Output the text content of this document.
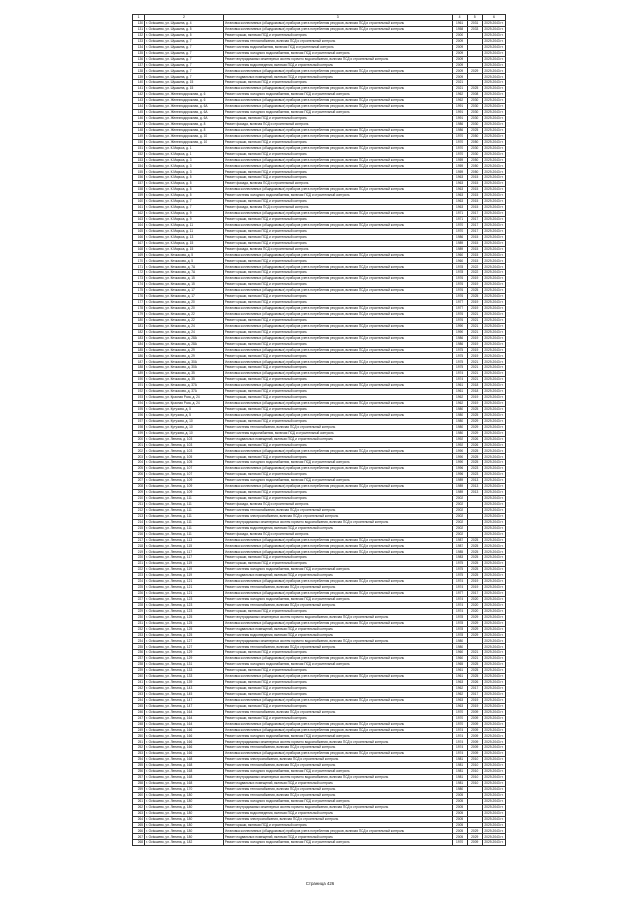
1	2	3	4	5	6
130	г. Octышево, ул. Шушкина, д. 4	Установка коллективных (общедомовых) приборов учета потребления ресурсов, включая ПСД и строительный контроль	1961	2031	2029-2043 гг.
131	г. Octышево, ул. Шушкина, д. 5	Установка коллективных (общедомовых) приборов учета потребления ресурсов, включая ПСД и строительный контроль	1958	2033	2029-2043 гг.
132	г. Octышево, ул. Шушкина, д. 5	Ремонт крыши, включая ПСД и строительный контроль	2000		2029-2043 гг.
133	г. Octышево, ул. Шушкина, д. 7	Ремонт системы теплоснабжения, включая ПСД и строительный контроль	2009		2029-2043 гг.
134	г. Octышево, ул. Шушкина, д. 7	Ремонт системы водоснабжения, включая ПСД и строительный контроль	2009		2029-2043 гг.
135	г. Octышево, ул. Шушкина, д. 7	Ремонт системы холодного водоснабжения, включая ПСД и строительный контроль	2009		2029-2043 гг.
136	г. Octышево, ул. Шушкина, д. 7	Ремонт внутридомовых инженерных систем горячего водоснабжения, включая ПСД и строительный контроль	2009		2029-2043 гг.
137	г. Octышево, ул. Шушкина, д. 7	Ремонт системы водоотведения, включая ПСД и строительный контроль	2009		2029-2043 гг.
138	г. Octышево, ул. Шушкина, д. 7	Установка коллективных (общедомовых) приборов учета потребления ресурсов, включая ПСД и строительный контроль	2009	2029	2029-2043 гг.
139	г. Octышево, ул. Шушкина, д. 7	Ремонт подвальных помещений, включая ПСД и строительный контроль	2009		2029-2043 гг.
140	г. Octышево, ул. Шушкина, д. 15	Ремонт крыши, включая ПСД и строительный контроль	2021		2029-2043 гг.
141	г. Octышево, ул. Шушкина, д. 15	Установка коллективных (общедомовых) приборов учета потребления ресурсов, включая ПСД и строительный контроль	2021	2025	2029-2043 гг.
142	г. Octышево, ул. Железнодорожная, д. 6	Ремонт системы холодного водоснабжения, включая ПСД и строительный контроль	1962	2008	2029-2043 гг.
143	г. Octышево, ул. Железнодорожная, д. 6	Установка коллективных (общедомовых) приборов учета потребления ресурсов, включая ПСД и строительный контроль	1962	2030	2029-2043 гг.
144	г. Octышево, ул. Железнодорожная, д. 6А	Установка коллективных (общедомовых) приборов учета потребления ресурсов, включая ПСД и строительный контроль	1991	2030	2029-2043 гг.
145	г. Octышево, ул. Железнодорожная, д. 6А	Ремонт системы холодного водоснабжения, включая ПСД и строительный контроль	1991	2030	2029-2043 гг.
146	г. Octышево, ул. Железнодорожная, д. 6А	Ремонт крыши, включая ПСД и строительный контроль	1991	2030	2029-2043 гг.
147	г. Octышево, ул. Железнодорожная, д. 8	Ремонт фасада, включая ПСД и строительный контроль	1986	2030	2029-2043 гг.
148	г. Octышево, ул. Железнодорожная, д. 8	Установка коллективных (общедомовых) приборов учета потребления ресурсов, включая ПСД и строительный контроль	1986	2025	2029-2043 гг.
149	г. Octышево, ул. Железнодорожная, д. 10	Установка коллективных (общедомовых) приборов учета потребления ресурсов, включая ПСД и строительный контроль	1970	2050	2029-2043 гг.
150	г. Octышево, ул. Железнодорожная, д. 10	Ремонт крыши, включая ПСД и строительный контроль	1970	2050	2029-2043 гг.
151	г. Octышево, ул. К.Маркса, д. 1	Установка коллективных (общедомовых) приборов учета потребления ресурсов, включая ПСД и строительный контроль	1970	2030	2029-2043 гг.
152	г. Octышево, ул. К.Маркса, д. 1	Ремонт крыши, включая ПСД и строительный контроль	1970	2030	2029-2043 гг.
153	г. Octышево, ул. К.Маркса, д. 3	Установка коллективных (общедомовых) приборов учета потребления ресурсов, включая ПСД и строительный контроль	1959	2050	2029-2043 гг.
154	г. Octышево, ул. К.Маркса, д. 3	Установка коллективных (общедомовых) приборов учета потребления ресурсов, включая ПСД и строительный контроль	1959	2050	2029-2043 гг.
155	г. Octышево, ул. К.Маркса, д. 3	Ремонт крыши, включая ПСД и строительный контроль	1959	2050	2029-2043 гг.
156	г. Octышево, ул. К.Маркса, д. 5	Ремонт крыши, включая ПСД и строительный контроль	1963	2015	2029-2043 гг.
157	г. Octышево, ул. К.Маркса, д. 5	Ремонт фасада, включая ПСД и строительный контроль	1963	2015	2029-2043 гг.
158	г. Octышево, ул. К.Маркса, д. 5	Установка коллективных (общедомовых) приборов учета потребления ресурсов, включая ПСД и строительный контроль	1963	2015	2029-2043 гг.
159	г. Octышево, ул. К.Маркса, д. 5	Ремонт системы холодного водоснабжения, включая ПСД и строительный контроль	1963	2015	2029-2043 гг.
160	г. Octышево, ул. К.Маркса, д. 7	Ремонт крыши, включая ПСД и строительный контроль	1963	2015	2029-2043 гг.
161	г. Octышево, ул. К.Маркса, д. 7	Ремонт фасада, включая ПСД и строительный контроль	1963	2015	2029-2043 гг.
162	г. Octышево, ул. К.Маркса, д. 9	Установка коллективных (общедомовых) приборов учета потребления ресурсов, включая ПСД и строительный контроль	1971	2017	2029-2043 гг.
163	г. Octышево, ул. К.Маркса, д. 9	Ремонт крыши, включая ПСД и строительный контроль	1971	2017	2029-2043 гг.
164	г. Octышево, ул. К.Маркса, д. 11	Установка коллективных (общедомовых) приборов учета потребления ресурсов, включая ПСД и строительный контроль	1970	2017	2029-2043 гг.
165	г. Octышево, ул. К.Маркса, д. 11	Ремонт крыши, включая ПСД и строительный контроль	1970	2017	2029-2043 гг.
166	г. Octышево, ул. К.Маркса, д. 13	Ремонт крыши, включая ПСД и строительный контроль	1986	2015	2029-2043 гг.
167	г. Octышево, ул. К.Маркса, д. 15	Ремонт крыши, включая ПСД и строительный контроль	1989	2015	2029-2043 гг.
168	г. Octышево, ул. К.Маркса, д. 15	Ремонт фасада, включая ПСД и строительный контроль	1989	2015	2029-2043 гг.
169	г. Octышево, ул. Кечкасова, д. 5	Установка коллективных (общедомовых) приборов учета потребления ресурсов, включая ПСД и строительный контроль	1960	2015	2029-2043 гг.
170	г. Octышево, ул. Кечкасова, д. 5	Ремонт крыши, включая ПСД и строительный контроль	1960	2015	2029-2043 гг.
171	г. Octышево, ул. Кечкасова, д. 7А	Установка коллективных (общедомовых) приборов учета потребления ресурсов, включая ПСД и строительный контроль	1978	2022	2029-2043 гг.
172	г. Octышево, ул. Кечкасова, д. 7А	Ремонт крыши, включая ПСД и строительный контроль	1978	2022	2029-2043 гг.
173	г. Octышево, ул. Кечкасова, д. 15	Установка коллективных (общедомовых) приборов учета потребления ресурсов, включая ПСД и строительный контроль	1976	2019	2029-2043 гг.
174	г. Octышево, ул. Кечкасова, д. 15	Ремонт крыши, включая ПСД и строительный контроль	1976	2019	2029-2043 гг.
175	г. Octышево, ул. Кечкасова, д. 17	Установка коллективных (общедомовых) приборов учета потребления ресурсов, включая ПСД и строительный контроль	1976	2025	2029-2043 гг.
176	г. Octышево, ул. Кечкасова, д. 17	Ремонт крыши, включая ПСД и строительный контроль	1976	2025	2029-2043 гг.
177	г. Octышево, ул. Кечкасова, д. 20	Ремонт крыши, включая ПСД и строительный контроль	1977	2019	2029-2043 гг.
178	г. Octышево, ул. Кечкасова, д. 20	Установка коллективных (общедомовых) приборов учета потребления ресурсов, включая ПСД и строительный контроль	1977	2019	2029-2043 гг.
179	г. Octышево, ул. Кечкасова, д. 22	Установка коллективных (общедомовых) приборов учета потребления ресурсов, включая ПСД и строительный контроль	1976	2021	2029-2043 гг.
180	г. Octышево, ул. Кечкасова, д. 22	Ремонт крыши, включая ПСД и строительный контроль	1976	2021	2029-2043 гг.
181	г. Octышево, ул. Кечкасова, д. 24	Установка коллективных (общедомовых) приборов учета потребления ресурсов, включая ПСД и строительный контроль	1990	2021	2029-2043 гг.
182	г. Octышево, ул. Кечкасова, д. 24	Ремонт крыши, включая ПСД и строительный контроль	1990	2021	2029-2043 гг.
183	г. Octышево, ул. Кечкасова, д. 28А	Установка коллективных (общедомовых) приборов учета потребления ресурсов, включая ПСД и строительный контроль	1986	2019	2029-2043 гг.
184	г. Octышево, ул. Кечкасова, д. 28А	Ремонт крыши, включая ПСД и строительный контроль	1986	2019	2029-2043 гг.
185	г. Octышево, ул. Кечкасова, д. 29	Установка коллективных (общедомовых) приборов учета потребления ресурсов, включая ПСД и строительный контроль	1975	2019	2029-2043 гг.
186	г. Octышево, ул. Кечкасова, д. 29	Ремонт крыши, включая ПСД и строительный контроль	1975	2019	2029-2043 гг.
187	г. Octышево, ул. Кечкасова, д. 30А	Установка коллективных (общедомовых) приборов учета потребления ресурсов, включая ПСД и строительный контроль	1975	2021	2029-2043 гг.
188	г. Octышево, ул. Кечкасова, д. 30А	Ремонт крыши, включая ПСД и строительный контроль	1975	2021	2029-2043 гг.
189	г. Octышево, ул. Кечкасова, д. 35	Установка коллективных (общедомовых) приборов учета потребления ресурсов, включая ПСД и строительный контроль	1974	2021	2029-2043 гг.
190	г. Octышево, ул. Кечкасова, д. 35	Ремонт крыши, включая ПСД и строительный контроль	1974	2021	2029-2043 гг.
191	г. Octышево, ул. Кечкасова, д. 37А	Установка коллективных (общедомовых) приборов учета потребления ресурсов, включая ПСД и строительный контроль	1961	2018	2029-2043 гг.
192	г. Octышево, ул. Кечкасова, д. 37А	Ремонт крыши, включая ПСД и строительный контроль	1961	2018	2029-2043 гг.
193	г. Octышево, ул. Красная Роза, д. 24	Ремонт крыши, включая ПСД и строительный контроль	1962	2019	2029-2043 гг.
194	г. Octышево, ул. Красная Роза, д. 24	Установка коллективных (общедомовых) приборов учета потребления ресурсов, включая ПСД и строительный контроль	1962	2019	2029-2043 гг.
195	г. Octышево, ул. Кутузова, д. 5	Ремонт крыши, включая ПСД и строительный контроль	1980	2025	2029-2043 гг.
196	г. Octышево, ул. Кутузова, д. 5	Установка коллективных (общедомовых) приборов учета потребления ресурсов, включая ПСД и строительный контроль	1980	2025	2029-2043 гг.
197	г. Octышево, ул. Кутузова, д. 10	Ремонт крыши, включая ПСД и строительный контроль	1980	2029	2029-2043 гг.
198	г. Octышево, ул. Кутузова, д. 10	Ремонт системы теплоснабжения, включая ПСД и строительный контроль	1980	2029	2029-2043 гг.
199	г. Octышево, ул. Кутузова, д. 10	Ремонт системы водоснабжения, включая ПСД и строительный контроль	1980	2029	2029-2043 гг.
200	г. Octышево, ул. Ленина, д. 103	Ремонт подвальных помещений, включая ПСД и строительный контроль	1992	2026	2029-2043 гг.
201	г. Octышево, ул. Ленина, д. 103	Ремонт крыши, включая ПСД и строительный контроль	1992	2026	2029-2043 гг.
202	г. Octышево, ул. Ленина, д. 103	Установка коллективных (общедомовых) приборов учета потребления ресурсов, включая ПСД и строительный контроль	1990	2025	2029-2043 гг.
203	г. Octышево, ул. Ленина, д. 105	Ремонт крыши, включая ПСД и строительный контроль	1990	2025	2029-2043 гг.
204	г. Octышево, ул. Ленина, д. 105	Ремонт системы холодного водоснабжения, включая ПСД и строительный контроль	1990	2025	2029-2043 гг.
205	г. Octышево, ул. Ленина, д. 107	Установка коллективных (общедомовых) приборов учета потребления ресурсов, включая ПСД и строительный контроль	1996	2023	2029-2043 гг.
206	г. Octышево, ул. Ленина, д. 107	Ремонт крыши, включая ПСД и строительный контроль	1996	2023	2029-2043 гг.
207	г. Octышево, ул. Ленина, д. 109	Ремонт системы холодного водоснабжения, включая ПСД и строительный контроль	1989	2013	2029-2043 гг.
208	г. Octышево, ул. Ленина, д. 109	Установка коллективных (общедомовых) приборов учета потребления ресурсов, включая ПСД и строительный контроль	1989	2013	2029-2043 гг.
209	г. Octышево, ул. Ленина, д. 109	Ремонт крыши, включая ПСД и строительный контроль	1989	2013	2029-2043 гг.
210	г. Octышево, ул. Ленина, д. 111	Ремонт крыши, включая ПСД и строительный контроль	2002		2029-2043 гг.
211	г. Octышево, ул. Ленина, д. 111	Ремонт фасада, включая ПСД и строительный контроль	2002		2029-2043 гг.
212	г. Octышево, ул. Ленина, д. 111	Ремонт системы теплоснабжения, включая ПСД и строительный контроль	2002		2029-2043 гг.
213	г. Octышево, ул. Ленина, д. 111	Ремонт системы электроснабжения, включая ПСД и строительный контроль	2002		2029-2043 гг.
214	г. Octышево, ул. Ленина, д. 111	Ремонт внутридомовых инженерных систем горячего водоснабжения, включая ПСД и строительный контроль	2002		2029-2043 гг.
215	г. Octышево, ул. Ленина, д. 111	Ремонт системы водоотведения, включая ПСД и строительный контроль	2002		2029-2043 гг.
216	г. Octышево, ул. Ленина, д. 111	Ремонт фасада, включая ПСД и строительный контроль	2002		2029-2043 гг.
217	г. Octышево, ул. Ленина, д. 113	Установка коллективных (общедомовых) приборов учета потребления ресурсов, включая ПСД и строительный контроль	1987	2025	2029-2043 гг.
218	г. Octышево, ул. Ленина, д. 115	Установка коллективных (общедомовых) приборов учета потребления ресурсов, включая ПСД и строительный контроль	1987	2025	2029-2043 гг.
219	г. Octышево, ул. Ленина, д. 117	Установка коллективных (общедомовых) приборов учета потребления ресурсов, включая ПСД и строительный контроль	1985	2025	2029-2043 гг.
220	г. Octышево, ул. Ленина, д. 117	Ремонт крыши, включая ПСД и строительный контроль	1983	2025	2029-2043 гг.
221	г. Octышево, ул. Ленина, д. 119	Ремонт крыши, включая ПСД и строительный контроль	1975	2025	2029-2043 гг.
222	г. Octышево, ул. Ленина, д. 119	Ремонт системы холодного водоснабжения, включая ПСД и строительный контроль	1975	2025	2029-2043 гг.
223	г. Octышево, ул. Ленина, д. 119	Ремонт подвальных помещений, включая ПСД и строительный контроль	1975	2025	2029-2043 гг.
224	г. Octышево, ул. Ленина, д. 121	Установка коллективных (общедомовых) приборов учета потребления ресурсов, включая ПСД и строительный контроль	1974	2019	2029-2043 гг.
225	г. Octышево, ул. Ленина, д. 121	Ремонт системы теплоснабжения, включая ПСД и строительный контроль	1974	2019	2029-2043 гг.
226	г. Octышево, ул. Ленина, д. 121	Установка коллективных (общедомовых) приборов учета потребления ресурсов, включая ПСД и строительный контроль	1977	2017	2029-2043 гг.
227	г. Octышево, ул. Ленина, д. 123	Ремонт системы холодного водоснабжения, включая ПСД и строительный контроль	1974	2020	2029-2043 гг.
228	г. Octышево, ул. Ленина, д. 123	Ремонт системы теплоснабжения, включая ПСД и строительный контроль	1974	2020	2029-2043 гг.
229	г. Octышево, ул. Ленина, д. 123	Ремонт крыши, включая ПСД и строительный контроль	1974	2020	2029-2043 гг.
230	г. Octышево, ул. Ленина, д. 125	Ремонт внутридомовых инженерных систем горячего водоснабжения, включая ПСД и строительный контроль	1978	2029	2029-2043 гг.
231	г. Octышево, ул. Ленина, д. 125	Установка коллективных (общедомовых) приборов учета потребления ресурсов, включая ПСД и строительный контроль	1978	2029	2029-2043 гг.
232	г. Octышево, ул. Ленина, д. 125	Ремонт подвальных помещений, включая ПСД и строительный контроль	1978	2029	2029-2043 гг.
233	г. Octышево, ул. Ленина, д. 125	Ремонт системы водоотведения, включая ПСД и строительный контроль	1978	2029	2029-2043 гг.
234	г. Octышево, ул. Ленина, д. 127	Ремонт внутридомовых инженерных систем горячего водоснабжения, включая ПСД и строительный контроль	1980		2029-2043 гг.
235	г. Octышево, ул. Ленина, д. 127	Ремонт системы теплоснабжения, включая ПСД и строительный контроль	1980		2029-2043 гг.
236	г. Octышево, ул. Ленина, д. 129	Ремонт крыши, включая ПСД и строительный контроль	1960	2021	2029-2043 гг.
237	г. Octышево, ул. Ленина, д. 129	Установка коллективных (общедомовых) приборов учета потребления ресурсов, включая ПСД и строительный контроль	1960	2021	2029-2043 гг.
238	г. Octышево, ул. Ленина, д. 131	Ремонт системы холодного водоснабжения, включая ПСД и строительный контроль	1965	2025	2029-2043 гг.
239	г. Octышево, ул. Ленина, д. 133	Ремонт крыши, включая ПСД и строительный контроль	1961	2025	2029-2043 гг.
240	г. Octышево, ул. Ленина, д. 133	Установка коллективных (общедомовых) приборов учета потребления ресурсов, включая ПСД и строительный контроль	1961	2025	2029-2043 гг.
241	г. Octышево, ул. Ленина, д. 139	Ремонт крыши, включая ПСД и строительный контроль	1963	2026	2029-2043 гг.
242	г. Octышево, ул. Ленина, д. 143	Ремонт крыши, включая ПСД и строительный контроль	1962	2017	2029-2043 гг.
243	г. Octышево, ул. Ленина, д. 145	Ремонт крыши, включая ПСД и строительный контроль	1962	2017	2029-2043 гг.
244	г. Octышево, ул. Ленина, д. 147	Установка коллективных (общедомовых) приборов учета потребления ресурсов, включая ПСД и строительный контроль	1963	2019	2029-2043 гг.
245	г. Octышево, ул. Ленина, д. 147	Ремонт крыши, включая ПСД и строительный контроль	1963	2019	2029-2043 гг.
246	г. Octышево, ул. Ленина, д. 164	Ремонт системы теплоснабжения, включая ПСД и строительный контроль	1970	2009	2029-2043 гг.
247	г. Octышево, ул. Ленина, д. 164	Ремонт крыши, включая ПСД и строительный контроль	1970	2009	2029-2043 гг.
248	г. Octышево, ул. Ленина, д. 164	Установка коллективных (общедомовых) приборов учета потребления ресурсов, включая ПСД и строительный контроль	1970	2009	2029-2043 гг.
249	г. Octышево, ул. Ленина, д. 166	Установка коллективных (общедомовых) приборов учета потребления ресурсов, включая ПСД и строительный контроль	1974	2009	2029-2043 гг.
250	г. Octышево, ул. Ленина, д. 166	Ремонт системы холодного водоснабжения, включая ПСД и строительный контроль	1974	2009	2029-2043 гг.
251	г. Octышево, ул. Ленина, д. 166	Ремонт внутридомовых инженерных систем горячего водоснабжения, включая ПСД и строительный контроль	1974	2009	2029-2043 гг.
252	г. Octышево, ул. Ленина, д. 166	Ремонт системы теплоснабжения, включая ПСД и строительный контроль	1974	2009	2029-2043 гг.
253	г. Octышево, ул. Ленина, д. 166	Установка коллективных (общедомовых) приборов учета потребления ресурсов, включая ПСД и строительный контроль	1974	2009	2029-2043 гг.
254	г. Octышево, ул. Ленина, д. 168	Ремонт системы электроснабжения, включая ПСД и строительный контроль	1981	2010	2029-2043 гг.
255	г. Octышево, ул. Ленина, д. 168	Ремонт системы теплоснабжения, включая ПСД и строительный контроль	1981	2010	2029-2043 гг.
256	г. Octышево, ул. Ленина, д. 168	Ремонт системы холодного водоснабжения, включая ПСД и строительный контроль	1981	2010	2029-2043 гг.
257	г. Octышево, ул. Ленина, д. 168	Ремонт внутридомовых инженерных систем горячего водоснабжения, включая ПСД и строительный контроль	1981	2010	2029-2043 гг.
258	г. Octышево, ул. Ленина, д. 168	Ремонт подвальных помещений, включая ПСД и строительный контроль	1981	2010	2029-2043 гг.
259	г. Octышево, ул. Ленина, д. 170	Ремонт системы теплоснабжения, включая ПСД и строительный контроль	1980		2029-2043 гг.
260	г. Octышево, ул. Ленина, д. 180	Ремонт системы теплоснабжения, включая ПСД и строительный контроль	2005		2029-2043 гг.
261	г. Octышево, ул. Ленина, д. 180	Ремонт системы холодного водоснабжения, включая ПСД и строительный контроль	2005		2029-2043 гг.
262	г. Octышево, ул. Ленина, д. 180	Ремонт внутридомовых инженерных систем горячего водоснабжения, включая ПСД и строительный контроль	2005		2029-2043 гг.
263	г. Octышево, ул. Ленина, д. 180	Ремонт системы водоотведения, включая ПСД и строительный контроль	2005		2029-2043 гг.
264	г. Octышево, ул. Ленина, д. 180	Ремонт системы электроснабжения, включая ПСД и строительный контроль	2005		2029-2043 гг.
265	г. Octышево, ул. Ленина, д. 180	Ремонт крыши, включая ПСД и строительный контроль	2005		2029-2043 гг.
266	г. Octышево, ул. Ленина, д. 180	Установка коллективных (общедомовых) приборов учета потребления ресурсов, включая ПСД и строительный контроль	2005	2029	2029-2043 гг.
267	г. Octышево, ул. Ленина, д. 180	Ремонт подвальных помещений, включая ПСД и строительный контроль	2005	2029	2029-2043 гг.
268	г. Octышево, ул. Ленина, д. 182	Ремонт системы холодного водоснабжения, включая ПСД и строительный контроль	1970	2009	2029-2043 гг.
Страница 426
